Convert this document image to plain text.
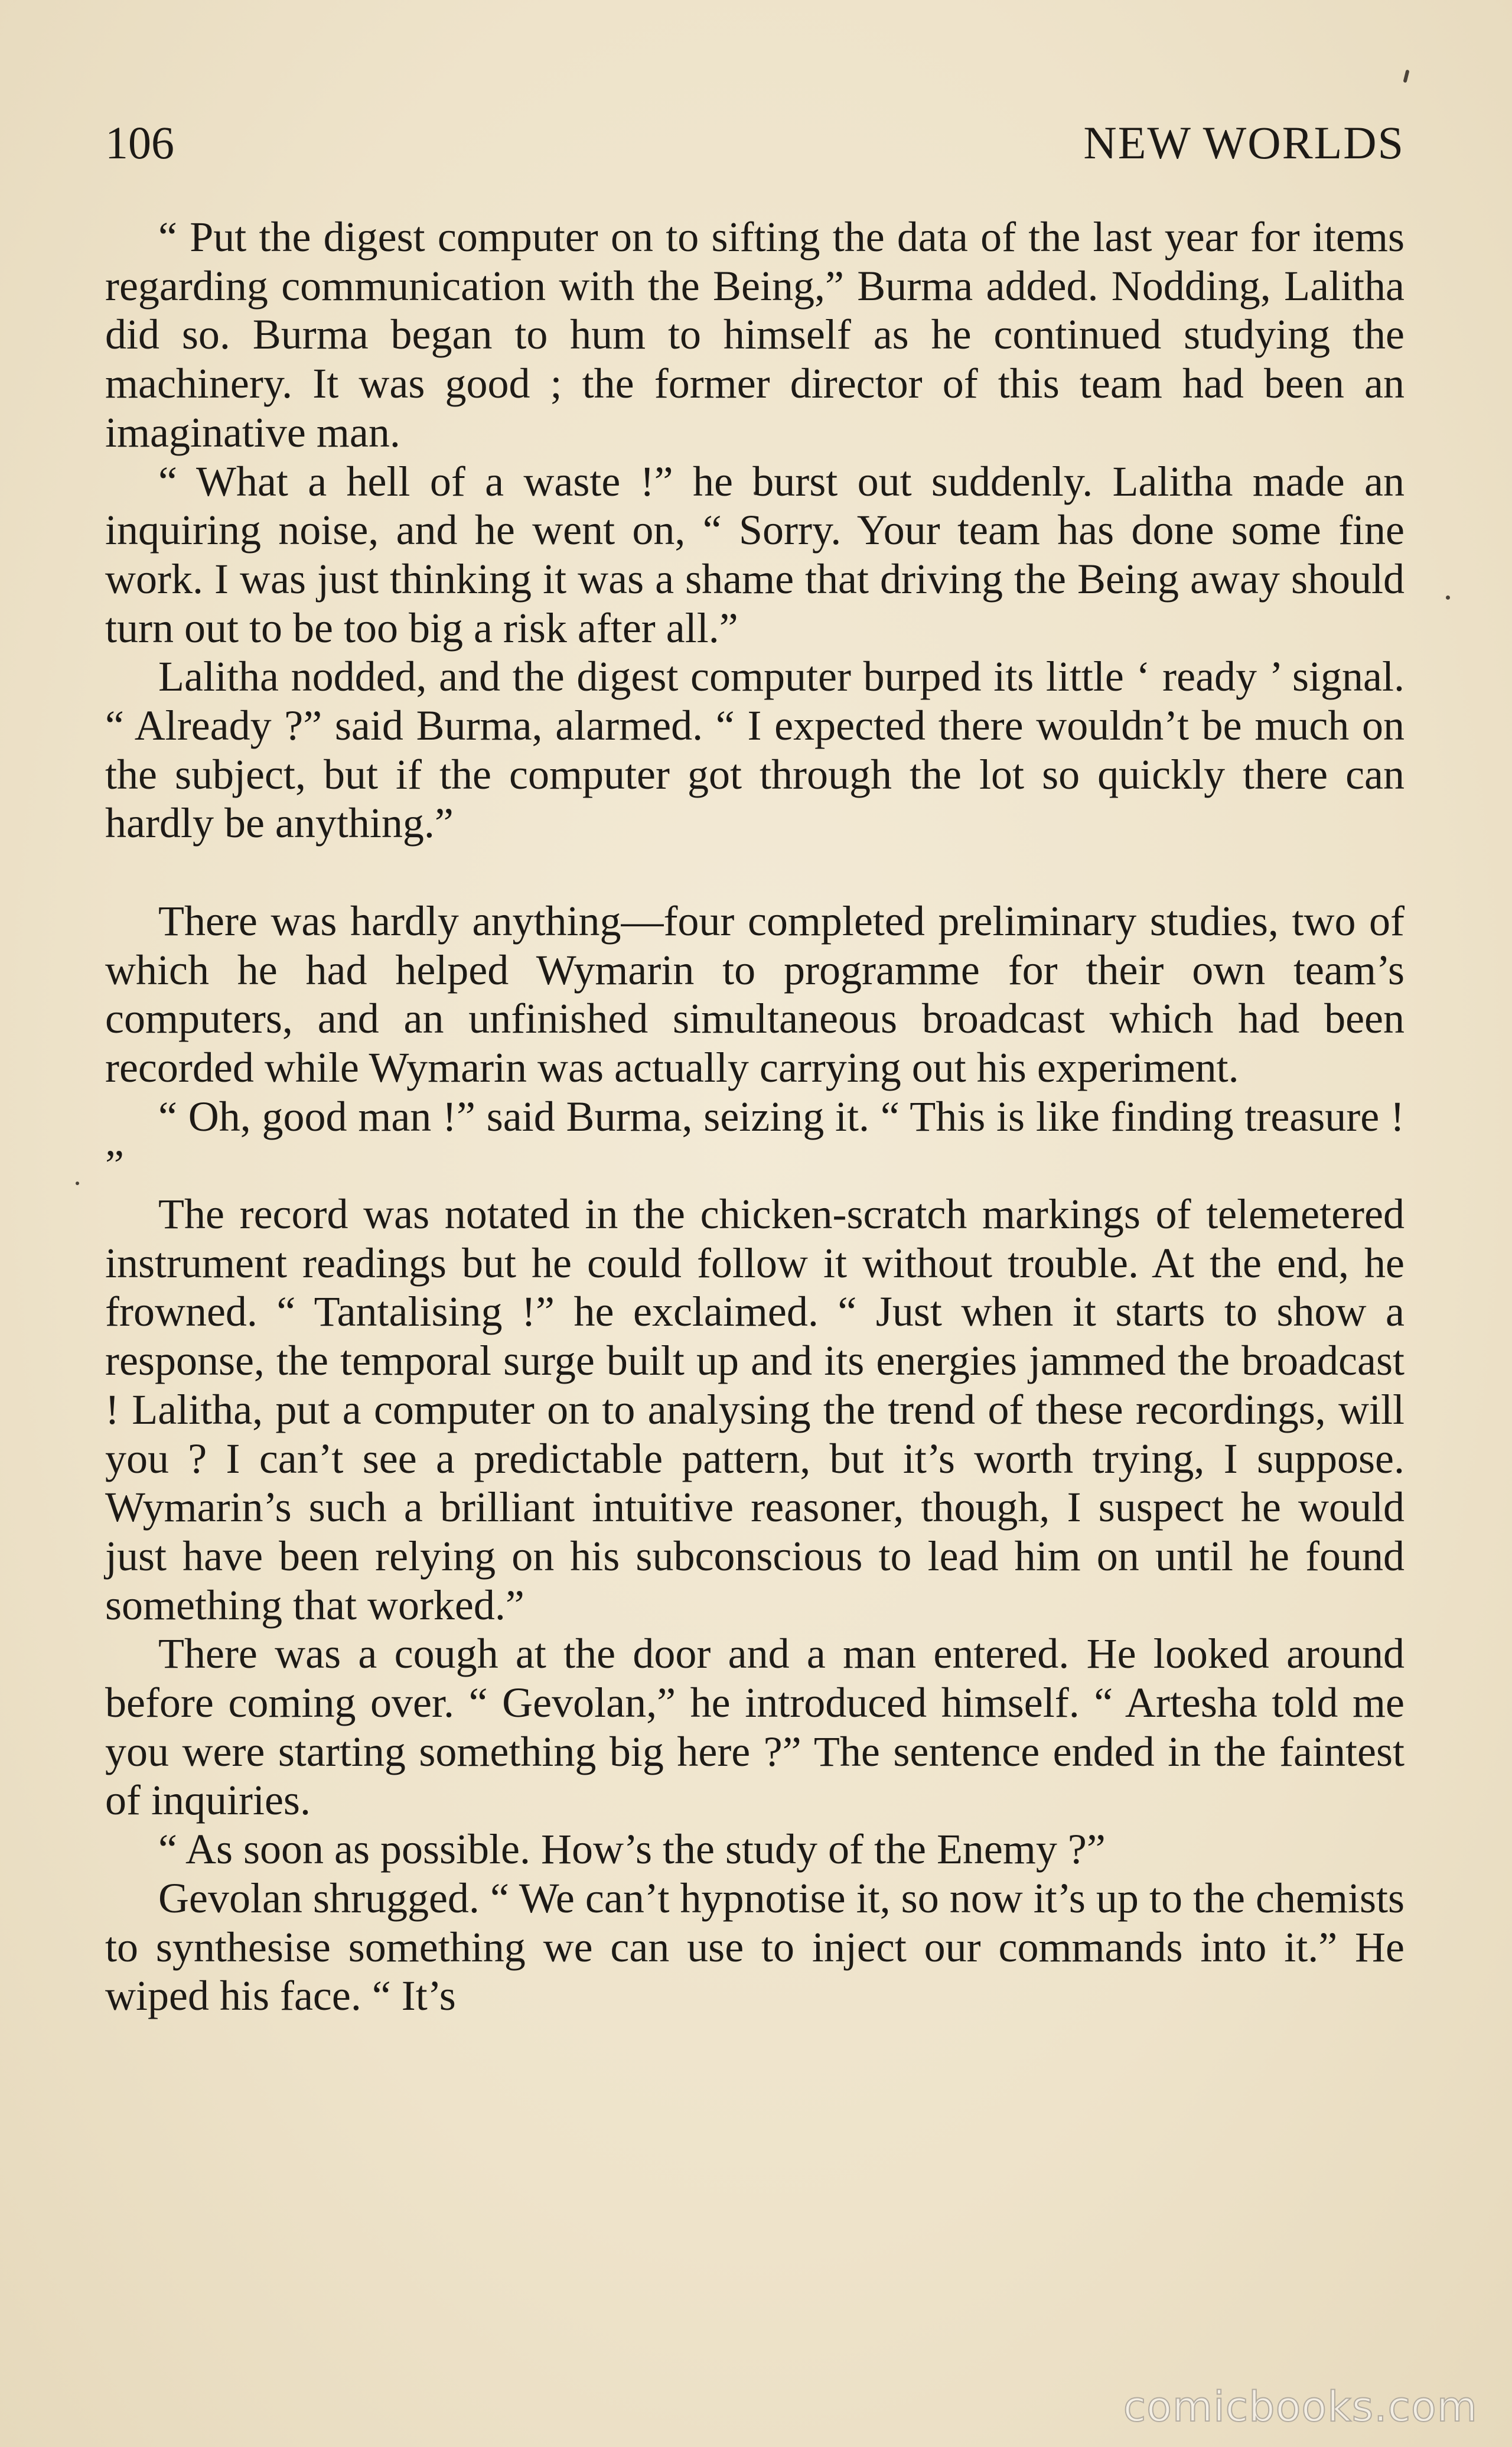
106	NEW WORLDS

“ Put the digest computer on to sifting the data of the last year for items regarding communication with the Being,” Burma added. Nodding, Lalitha did so. Burma began to hum to himself as he continued studying the machinery. It was good ; the former director of this team had been an imaginative man.

“ What a hell of a waste !” he burst out suddenly. Lalitha made an inquiring noise, and he went on, “ Sorry. Your team has done some fine work. I was just thinking it was a shame that driving the Being away should turn out to be too big a risk after all.”

Lalitha nodded, and the digest computer burped its little ‘ ready ’ signal. “ Already ?” said Burma, alarmed. “ I expected there wouldn’t be much on the subject, but if the computer got through the lot so quickly there can hardly be anything.”

There was hardly anything—four completed preliminary studies, two of which he had helped Wymarin to programme for their own team’s computers, and an unfinished simultaneous broadcast which had been recorded while Wymarin was actually carrying out his experiment.

“ Oh, good man !” said Burma, seizing it. “ This is like finding treasure ! ”

The record was notated in the chicken-scratch markings of telemetered instrument readings but he could follow it without trouble. At the end, he frowned. “ Tantalising !” he exclaimed. “ Just when it starts to show a response, the temporal surge built up and its energies jammed the broadcast ! Lalitha, put a computer on to analysing the trend of these recordings, will you ? I can’t see a predictable pattern, but it’s worth trying, I suppose. Wymarin’s such a brilliant intuitive reasoner, though, I suspect he would just have been relying on his subconscious to lead him on until he found something that worked.”

There was a cough at the door and a man entered. He looked around before coming over. “ Gevolan,” he introduced himself. “ Artesha told me you were starting something big here ?” The sentence ended in the faintest of inquiries.

“ As soon as possible. How’s the study of the Enemy ?”

Gevolan shrugged. “ We can’t hypnotise it, so now it’s up to the chemists to synthesise something we can use to inject our commands into it.” He wiped his face. “ It’s

comicbooks.com
